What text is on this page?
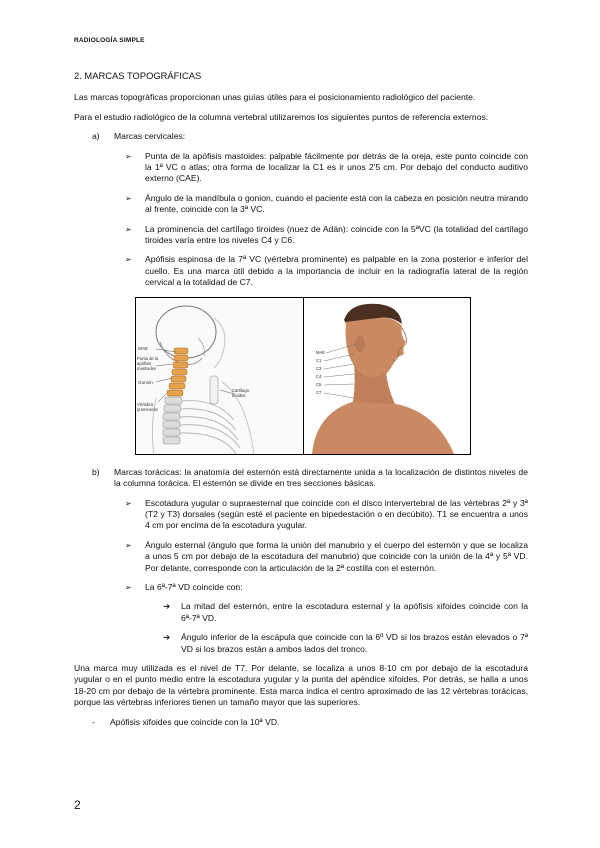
RADIOLOGÍA SIMPLE

2. MARCAS TOPOGRÁFICAS

Las marcas topográficas proporcionan unas guías útiles para el posicionamiento radiológico del paciente.

Para el estudio radiológico de la columna vertebral utilizaremos los siguientes puntos de referencia externos:

a) Marcas cervicales:

➢	Punta de la apófisis mastoides: palpable fácilmente por detrás de la oreja, este punto coincide con la 1ª VC o atlas; otra forma de localizar la C1 es ir unos 2'5 cm. Por debajo del conducto auditivo externo (CAE).
➢	Ángulo de la mandíbula o gonion, cuando el paciente está con la cabeza en posición neutra mirando al frente, coincide con la 3ª VC.
➢	La prominencia del cartílago tiroides (nuez de Adán): coincide con la 5ªVC (la totalidad del cartílago tiroides varía entre los niveles C4 y C6.
➢	Apófisis espinosa de la 7ª VC (vértebra prominente) es palpable en la zona posterior e inferior del cuello. Es una marca útil debido a la importancia de incluir en la radiografía lateral de la región cervical a la totalidad de C7.
MAE
Punta de la apófisis mastoides
Gonión
Cartílago tiroides
Vértebra prominente
MAE
C1
C3
C4
C5
C7
b)	Marcas torácicas: la anatomía del esternón está directamente unida a la localización de distintos niveles de la columna torácica. El esternón se divide en tres secciones básicas.
➢	Escotadura yugular o supraesternal que coincide con el disco intervertebral de las vértebras 2ª y 3ª (T2 y T3) dorsales (según esté el paciente en bipedestación o en decúbito). T1 se encuentra a unos 4 cm por encima de la escotadura yugular.
➢	Ángulo esternal (ángulo que forma la unión del manubrio y el cuerpo del esternón y que se localiza a unos 5 cm por debajo de la escotadura del manubrio) que coincide con la unión de la 4ª y 5ª VD. Por delante, corresponde con la articulación de la 2ª costilla con el esternón.
➢	La 6ª-7ª VD coincide con:
➔	La mitad del esternón, entre la escotadura esternal y la apófisis xifoides coincide con la 6ª-7ª VD.
➔	Ángulo inferior de la escápula que coincide con la 6º VD si los brazos están elevados o 7ª VD si los brazos están a ambos lados del tronco.

Una marca muy utilizada es el nivel de T7. Por delante, se localiza a unos 8-10 cm por debajo de la escotadura yugular o en el punto medio entre la escotadura yugular y la punta del apéndice xifoides. Por detrás, se halla a unos 18-20 cm por debajo de la vértebra prominente. Esta marca indica el centro aproximado de las 12 vértebras torácicas, porque las vértebras inferiores tienen un tamaño mayor que las superiores.

-	Apófisis xifoides que coincide con la 10ª VD.
2
